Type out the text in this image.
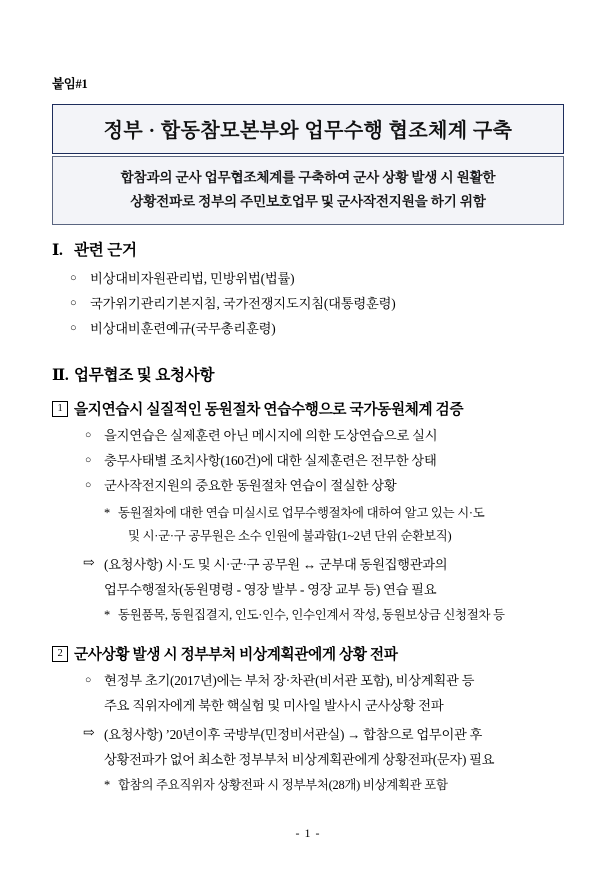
붙임#1
정부 · 합동참모본부와 업무수행 협조체계 구축
합참과의 군사 업무협조체계를 구축하여 군사 상황 발생 시 원활한
상황전파로 정부의 주민보호업무 및 군사작전지원을 하기 위함
Ⅰ. 관련 근거
○ 비상대비자원관리법, 민방위법(법률)
○ 국가위기관리기본지침, 국가전쟁지도지침(대통령훈령)
○ 비상대비훈련예규(국무총리훈령)
Ⅱ. 업무협조 및 요청사항
1 을지연습시 실질적인 동원절차 연습수행으로 국가동원체계 검증
○ 을지연습은 실제훈련 아닌 메시지에 의한 도상연습으로 실시
○ 충무사태별 조치사항(160건)에 대한 실제훈련은 전무한 상태
○ 군사작전지원의 중요한 동원절차 연습이 절실한 상황
* 동원절차에 대한 연습 미실시로 업무수행절차에 대하여 알고 있는 시·도
및 시·군·구 공무원은 소수 인원에 불과함(1~2년 단위 순환보직)
⇨ (요청사항) 시·도 및 시·군·구 공무원 ↔ 군부대 동원집행관과의
업무수행절차(동원명령 - 영장 발부 - 영장 교부 등) 연습 필요
* 동원품목, 동원집결지, 인도·인수, 인수인계서 작성, 동원보상금 신청절차 등
2 군사상황 발생 시 정부부처 비상계획관에게 상황 전파
○ 현정부 초기(2017년)에는 부처 장·차관(비서관 포함), 비상계획관 등
주요 직위자에게 북한 핵실험 및 미사일 발사시 군사상황 전파
⇨ (요청사항) ’20년이후 국방부(민정비서관실) → 합참으로 업무이관 후
상황전파가 없어 최소한 정부부처 비상계획관에게 상황전파(문자) 필요
* 합참의 주요직위자 상황전파 시 정부부처(28개) 비상계획관 포함
- 1 -
